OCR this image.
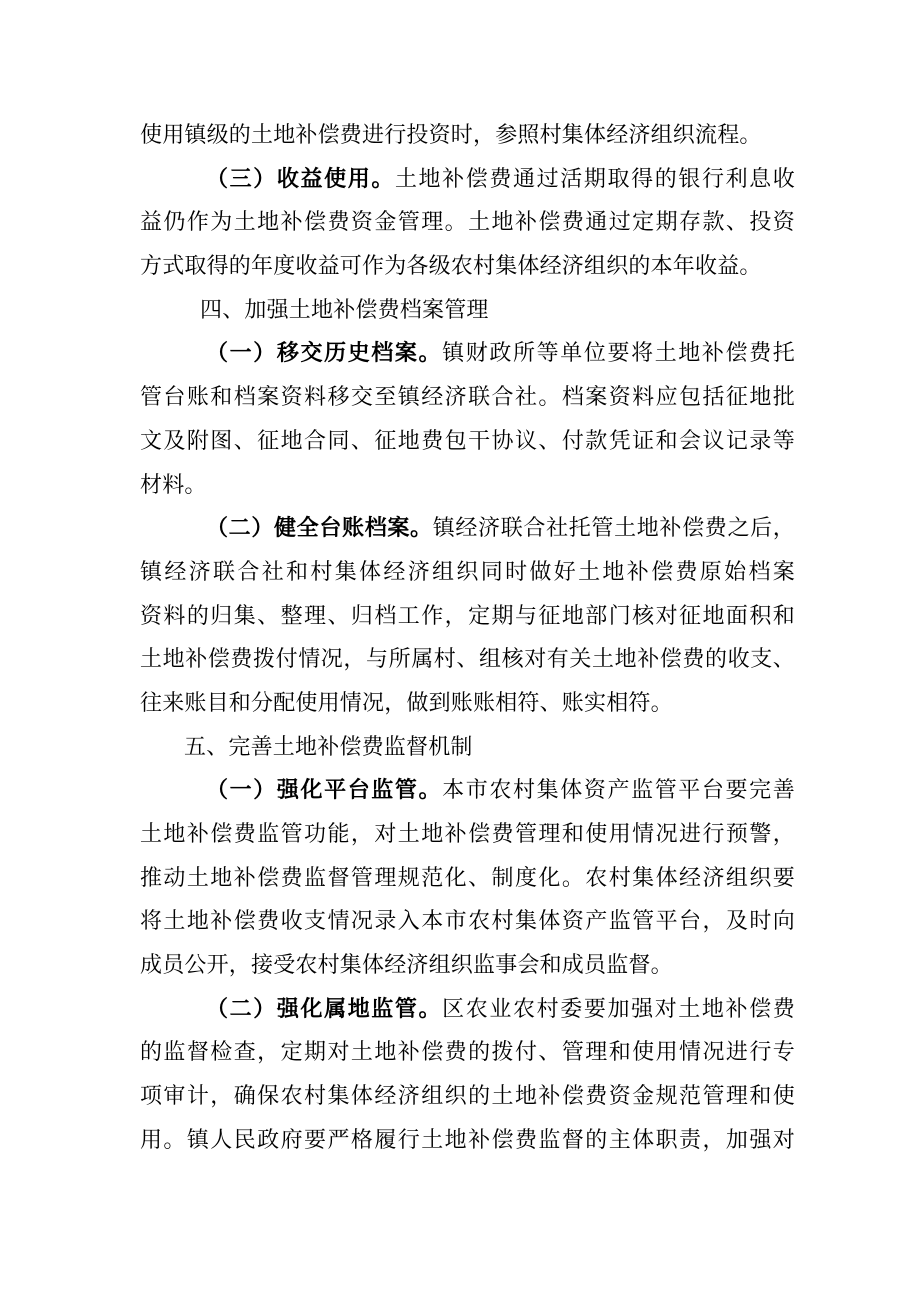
使用镇级的土地补偿费进行投资时，参照村集体经济组织流程。
（三）收益使用。土地补偿费通过活期取得的银行利息收
益仍作为土地补偿费资金管理。土地补偿费通过定期存款、投资
方式取得的年度收益可作为各级农村集体经济组织的本年收益。
四、加强土地补偿费档案管理
（一）移交历史档案。镇财政所等单位要将土地补偿费托
管台账和档案资料移交至镇经济联合社。档案资料应包括征地批
文及附图、征地合同、征地费包干协议、付款凭证和会议记录等
材料。
（二）健全台账档案。镇经济联合社托管土地补偿费之后，
镇经济联合社和村集体经济组织同时做好土地补偿费原始档案
资料的归集、整理、归档工作，定期与征地部门核对征地面积和
土地补偿费拨付情况，与所属村、组核对有关土地补偿费的收支、
往来账目和分配使用情况，做到账账相符、账实相符。
五、完善土地补偿费监督机制
（一）强化平台监管。本市农村集体资产监管平台要完善
土地补偿费监管功能，对土地补偿费管理和使用情况进行预警，
推动土地补偿费监督管理规范化、制度化。农村集体经济组织要
将土地补偿费收支情况录入本市农村集体资产监管平台，及时向
成员公开，接受农村集体经济组织监事会和成员监督。
（二）强化属地监管。区农业农村委要加强对土地补偿费
的监督检查，定期对土地补偿费的拨付、管理和使用情况进行专
项审计，确保农村集体经济组织的土地补偿费资金规范管理和使
用。镇人民政府要严格履行土地补偿费监督的主体职责，加强对
